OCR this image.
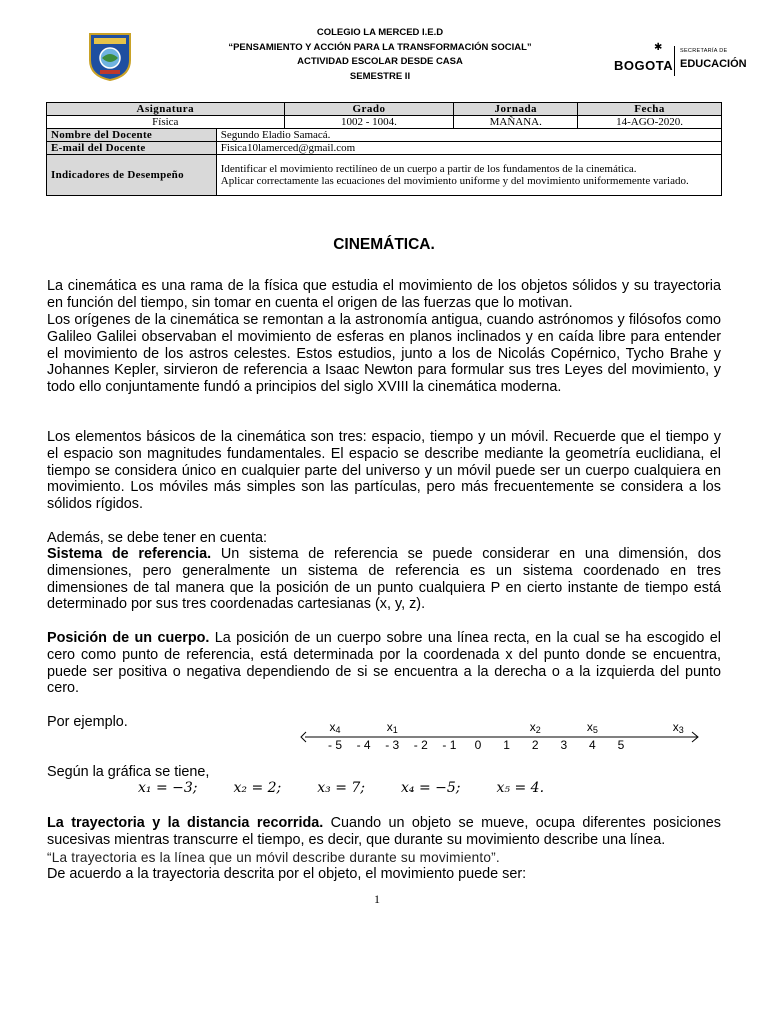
COLEGIO LA MERCED I.E.D
“PENSAMIENTO Y ACCIÓN PARA LA TRANSFORMACIÓN SOCIAL”
ACTIVIDAD ESCOLAR DESDE CASA
SEMESTRE II
✱
BOGOTA
SECRETARÍA DE
EDUCACIÓN
Asignatura		Grado	Jornada	Fecha
Física		1002 - 1004.	MAÑANA.	14-AGO-2020.
Nombre del Docente	Segundo Eladio Samacá.			
E-mail del Docente	Fisica10lamerced@gmail.com			
Indicadores de Desempeño	Identificar el movimiento rectilíneo de un cuerpo a partir de los fundamentos de la cinemática.
Aplicar correctamente las ecuaciones del movimiento uniforme y del movimiento uniformemente variado.			
CINEMÁTICA.
La cinemática es una rama de la física que estudia el movimiento de los objetos sólidos y su trayectoria en función del tiempo, sin tomar en cuenta el origen de las fuerzas que lo motivan.
Los orígenes de la cinemática se remontan a la astronomía antigua, cuando astrónomos y filósofos como Galileo Galilei observaban el movimiento de esferas en planos inclinados y en caída libre para entender el movimiento de los astros celestes. Estos estudios, junto a los de Nicolás Copérnico, Tycho Brahe y Johannes Kepler, sirvieron de referencia a Isaac Newton para formular sus tres Leyes del movimiento, y todo ello conjuntamente fundó a principios del siglo XVIII la cinemática moderna.
Los elementos básicos de la cinemática son tres: espacio, tiempo y un móvil. Recuerde que el tiempo y el espacio son magnitudes fundamentales. El espacio se describe mediante la geometría euclidiana, el tiempo se considera único en cualquier parte del universo y un móvil puede ser un cuerpo cualquiera en movimiento. Los móviles más simples son las partículas, pero más frecuentemente se considera a los sólidos rígidos.
Además, se debe tener en cuenta:
Sistema de referencia. Un sistema de referencia se puede considerar en una dimensión, dos dimensiones, pero generalmente un sistema de referencia es un sistema coordenado en tres dimensiones de tal manera que la posición de un punto cualquiera P en cierto instante de tiempo está determinado por sus tres coordenadas cartesianas (x, y, z).
Posición de un cuerpo. La posición de un cuerpo sobre una línea recta, en la cual se ha escogido el cero como punto de referencia, está determinada por la coordenada x del punto donde se encuentra, puede ser positiva o negativa dependiendo de si se encuentra a la derecha o a la izquierda del punto cero.
Por ejemplo.
- 5 - 4 - 3 - 2 - 1 0 1 2 3 4 5
x4	x1	x2	x5	x3
Según la gráfica se tiene,
x₁ = −3;	x₂ = 2;	x₃ = 7;	x₄ = −5;	x₅ = 4.
La trayectoria y la distancia recorrida. Cuando un objeto se mueve, ocupa diferentes posiciones sucesivas mientras transcurre el tiempo, es decir, que durante su movimiento describe una línea.
“La trayectoria es la línea que un móvil describe durante su movimiento”.
De acuerdo a la trayectoria descrita por el objeto, el movimiento puede ser:
1
